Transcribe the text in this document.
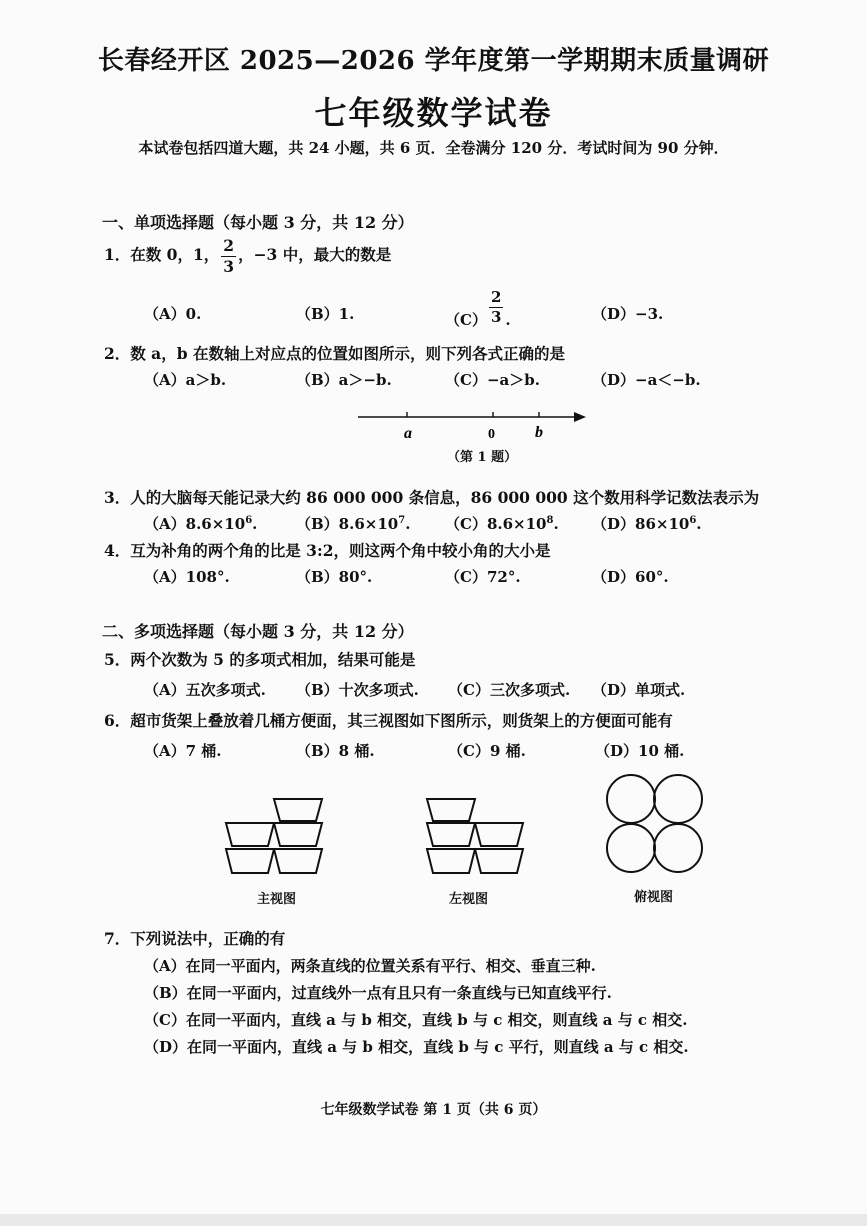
长春经开区 2025—2026 学年度第一学期期末质量调研
七年级数学试卷
本试卷包括四道大题，共 24 小题，共 6 页．全卷满分 120 分．考试时间为 90 分钟．
一、单项选择题（每小题 3 分，共 12 分）
1．在数 0，1， $\frac{2}{3}$ ，−3 中，最大的数是
（A）0.	（B）1.	$(C) \frac{2}{3}$ .	（D）−3.
2．数 a，b 在数轴上对应点的位置如图所示，则下列各式正确的是
（A）a＞b.	（B）a＞−b.	（C）−a＞b.	（D）−a＜−b.
a	0	b
（第 1 题）
3．人的大脑每天能记录大约 86 000 000 条信息，86 000 000 这个数用科学记数法表示为
$(A)8.6\times 10^6$.	$(B)8.6\times 10^7$. $(C)8.6\times 10^8$. $(D)86\times 10^6$.
4．互为补角的两个角的比是 3:2，则这两个角中较小角的大小是
（A）108°.	（B）80°.	（C）72°.	（D）60°.
二、多项选择题（每小题 3 分，共 12 分）
5．两个次数为 5 的多项式相加，结果可能是
（A）五次多项式. （B）十次多项式. （C）三次多项式. （D）单项式.
6．超市货架上叠放着几桶方便面，其三视图如下图所示，则货架上的方便面可能有
（A）7 桶.	（B）8 桶.	（C）9 桶.	（D）10 桶.
主视图	左视图	俯视图
7．下列说法中，正确的有
（A）在同一平面内，两条直线的位置关系有平行、相交、垂直三种.
（B）在同一平面内，过直线外一点有且只有一条直线与已知直线平行.
（C）在同一平面内，直线 a 与 b 相交，直线 b 与 c 相交，则直线 a 与 c 相交.
（D）在同一平面内，直线 a 与 b 相交，直线 b 与 c 平行，则直线 a 与 c 相交.
七年级数学试卷 第 1 页（共 6 页）
